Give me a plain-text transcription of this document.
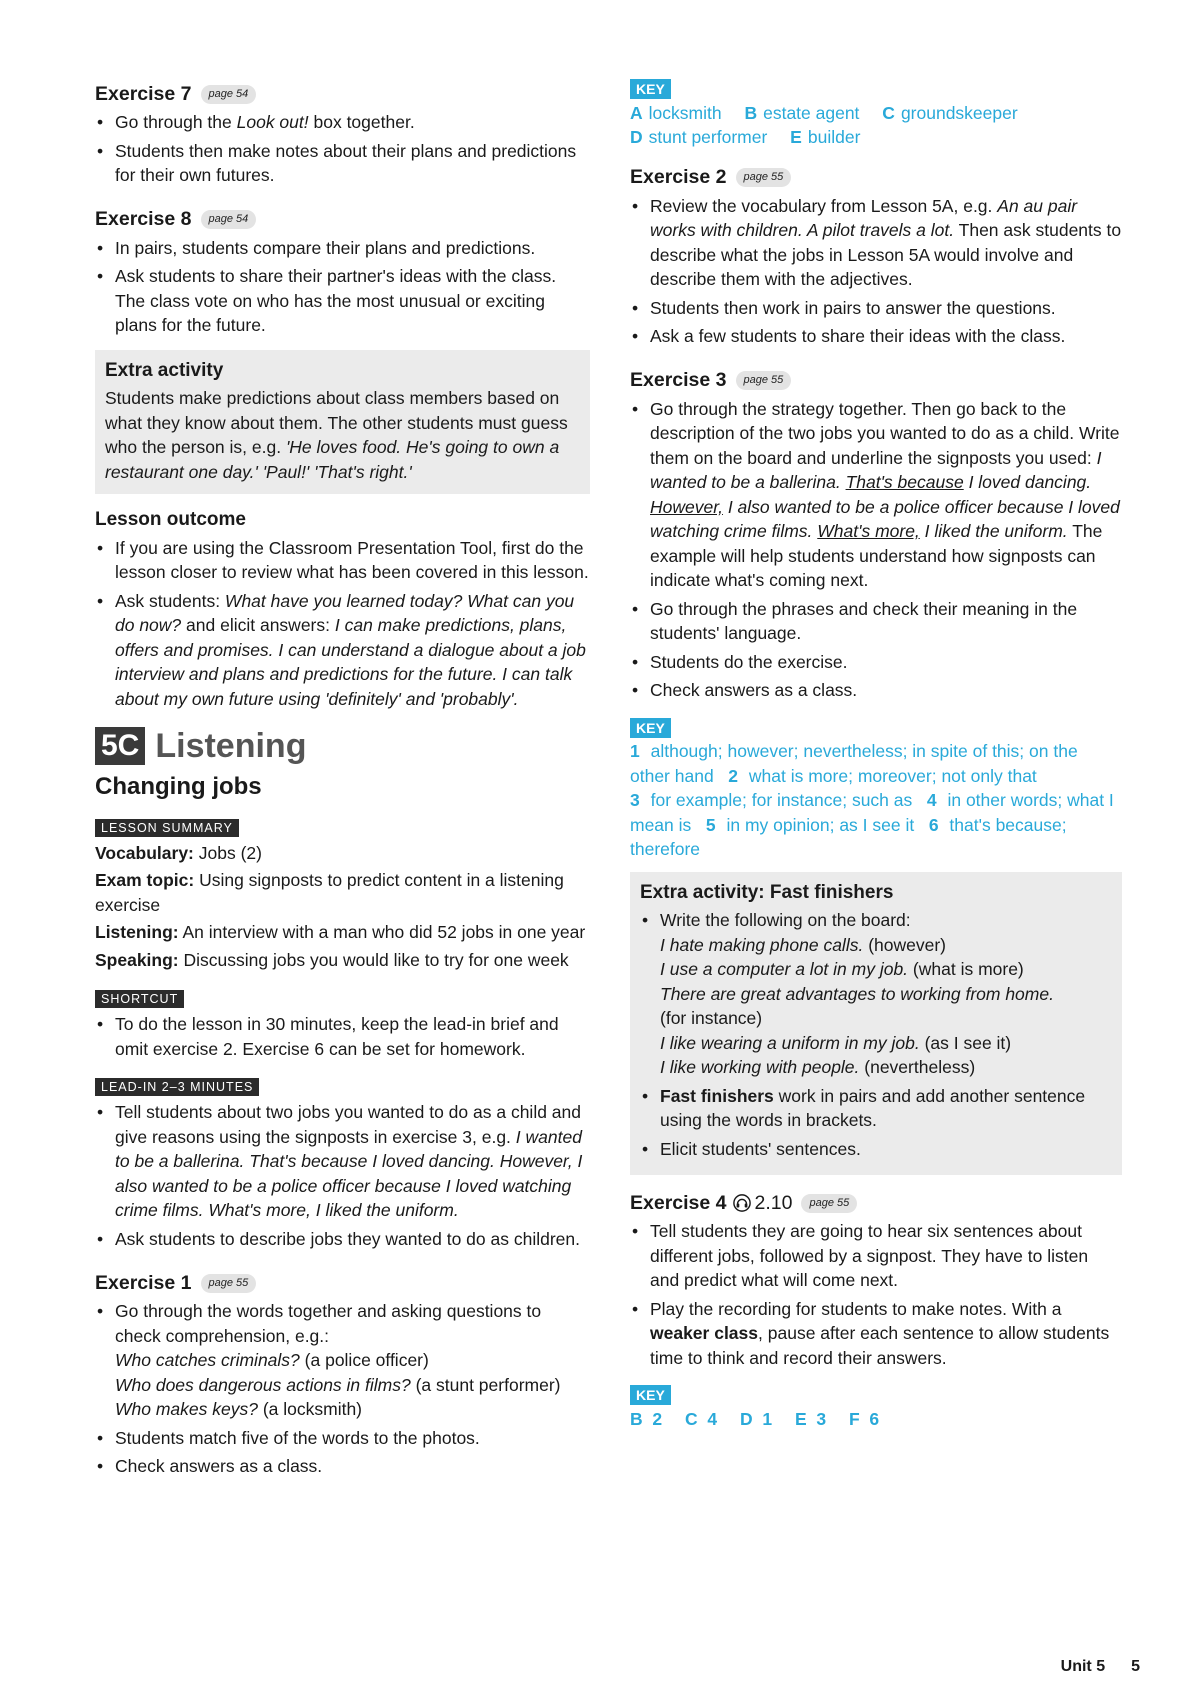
Exercise 7	page 54
• Go through the Look out! box together.
• Students then make notes about their plans and predictions for their own futures.
Exercise 8	page 54
• In pairs, students compare their plans and predictions.
• Ask students to share their partner's ideas with the class. The class vote on who has the most unusual or exciting plans for the future.
Extra activity
Students make predictions about class members based on what they know about them. The other students must guess who the person is, e.g. 'He loves food. He's going to own a restaurant one day.' 'Paul!' 'That's right.'
Lesson outcome
• If you are using the Classroom Presentation Tool, first do the lesson closer to review what has been covered in this lesson.
• Ask students: What have you learned today? What can you do now? and elicit answers: I can make predictions, plans, offers and promises. I can understand a dialogue about a job interview and plans and predictions for the future. I can talk about my own future using 'definitely' and 'probably'.
5C Listening
Changing jobs
LESSON SUMMARY
Vocabulary: Jobs (2)
Exam topic: Using signposts to predict content in a listening exercise
Listening: An interview with a man who did 52 jobs in one year
Speaking: Discussing jobs you would like to try for one week
SHORTCUT
• To do the lesson in 30 minutes, keep the lead-in brief and omit exercise 2. Exercise 6 can be set for homework.
LEAD-IN 2–3 MINUTES
• Tell students about two jobs you wanted to do as a child and give reasons using the signposts in exercise 3, e.g. I wanted to be a ballerina. That's because I loved dancing. However, I also wanted to be a police officer because I loved watching crime films. What's more, I liked the uniform.
• Ask students to describe jobs they wanted to do as children.
Exercise 1	page 55
• Go through the words together and asking questions to check comprehension, e.g.:
Who catches criminals? (a police officer)
Who does dangerous actions in films? (a stunt performer)
Who makes keys? (a locksmith)
• Students match five of the words to the photos.
• Check answers as a class.
KEY
A locksmith B estate agent C groundskeeper
D stunt performer E builder
Exercise 2	page 55
• Review the vocabulary from Lesson 5A, e.g. An au pair works with children. A pilot travels a lot. Then ask students to describe what the jobs in Lesson 5A would involve and describe them with the adjectives.
• Students then work in pairs to answer the questions.
• Ask a few students to share their ideas with the class.
Exercise 3	page 55
• Go through the strategy together. Then go back to the description of the two jobs you wanted to do as a child. Write them on the board and underline the signposts you used: I wanted to be a ballerina. That's because I loved dancing. However, I also wanted to be a police officer because I loved watching crime films. What's more, I liked the uniform. The example will help students understand how signposts can indicate what's coming next.
• Go through the phrases and check their meaning in the students' language.
• Students do the exercise.
• Check answers as a class.
KEY
1 although; however; nevertheless; in spite of this; on the other hand 2 what is more; moreover; not only that
3 for example; for instance; such as 4 in other words; what I mean is 5 in my opinion; as I see it 6 that's because; therefore
Extra activity: Fast finishers
• Write the following on the board:
I hate making phone calls. (however)
I use a computer a lot in my job. (what is more)
There are great advantages to working from home.
(for instance)
I like wearing a uniform in my job. (as I see it)
I like working with people. (nevertheless)
• Fast finishers work in pairs and add another sentence using the words in brackets.
• Elicit students' sentences.
Exercise 4 2.10	page 55
• Tell students they are going to hear six sentences about different jobs, followed by a signpost. They have to listen and predict what will come next.
• Play the recording for students to make notes. With a weaker class, pause after each sentence to allow students time to think and record their answers.
KEY
B 2 C 4 D 1 E 3 F 6
Unit 5 5
